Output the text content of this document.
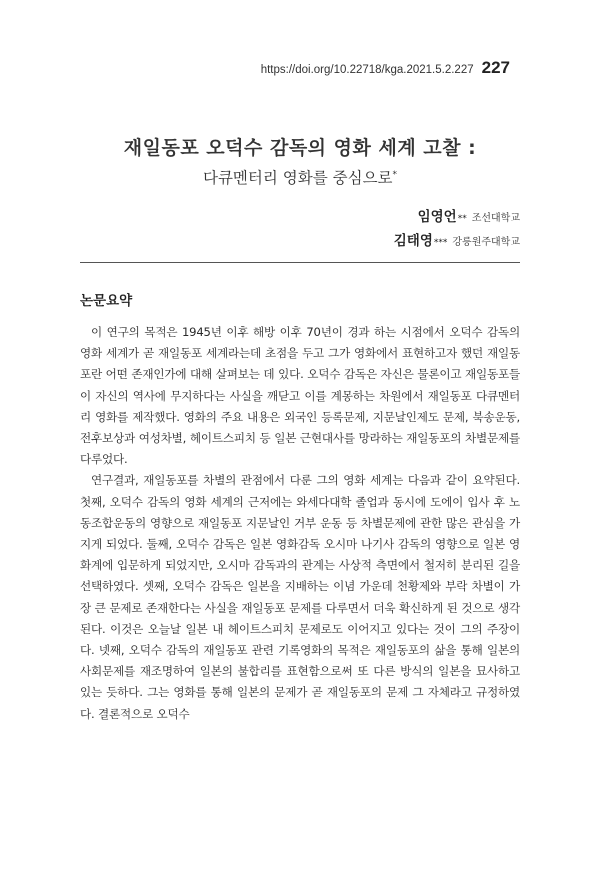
https://doi.org/10.22718/kga.2021.5.2.227 227
재일동포 오덕수 감독의 영화 세계 고찰 :
다큐멘터리 영화를 중심으로*
임영언 ** 조선대학교
김태영 *** 강릉원주대학교
논문요약

이 연구의 목적은 1945년 이후 해방 이후 70년이 경과 하는 시점에서 오덕수 감독의 영화 세계가 곧 재일동포 세계라는데 초점을 두고 그가 영화에서 표현하고자 했던 재일동포란 어떤 존재인가에 대해 살펴보는 데 있다. 오덕수 감독은 자신은 물론이고 재일동포들이 자신의 역사에 무지하다는 사실을 깨닫고 이를 계몽하는 차원에서 재일동포 다큐멘터리 영화를 제작했다. 영화의 주요 내용은 외국인 등록문제, 지문날인제도 문제, 북송운동, 전후보상과 여성차별, 헤이트스피치 등 일본 근현대사를 망라하는 재일동포의 차별문제를 다루었다.

연구결과, 재일동포를 차별의 관점에서 다룬 그의 영화 세계는 다음과 같이 요약된다. 첫째, 오덕수 감독의 영화 세계의 근저에는 와세다대학 졸업과 동시에 도에이 입사 후 노동조합운동의 영향으로 재일동포 지문날인 거부 운동 등 차별문제에 관한 많은 관심을 가지게 되었다. 둘째, 오덕수 감독은 일본 영화감독 오시마 나기사 감독의 영향으로 일본 영화계에 입문하게 되었지만, 오시마 감독과의 관계는 사상적 측면에서 철저히 분리된 길을 선택하였다. 셋째, 오덕수 감독은 일본을 지배하는 이념 가운데 천황제와 부락 차별이 가장 큰 문제로 존재한다는 사실을 재일동포 문제를 다루면서 더욱 확신하게 된 것으로 생각된다. 이것은 오늘날 일본 내 헤이트스피치 문제로도 이어지고 있다는 것이 그의 주장이다. 넷째, 오덕수 감독의 재일동포 관련 기록영화의 목적은 재일동포의 삶을 통해 일본의 사회문제를 재조명하여 일본의 불합리를 표현함으로써 또 다른 방식의 일본을 묘사하고 있는 듯하다. 그는 영화를 통해 일본의 문제가 곧 재일동포의 문제 그 자체라고 규정하였다. 결론적으로 오덕수
